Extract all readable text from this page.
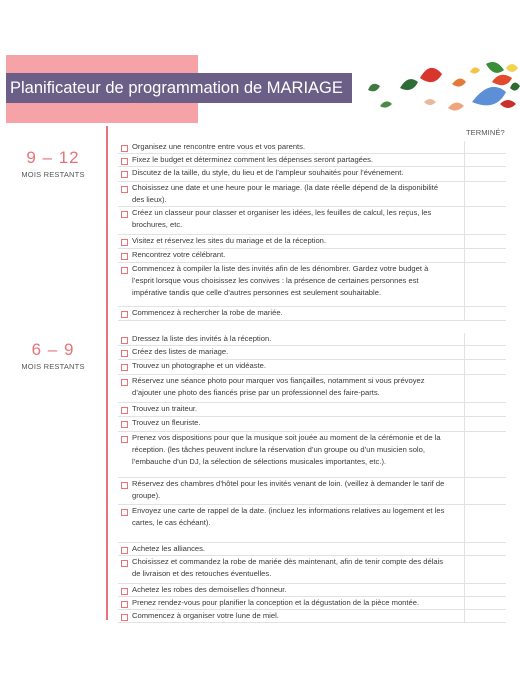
Planificateur de programmation de MARIAGE
TERMINÉ?
9 – 12
MOIS RESTANTS
Organisez une rencontre entre vous et vos parents.
Fixez le budget et déterminez comment les dépenses seront partagées.
Discutez de la taille, du style, du lieu et de l’ampleur souhaités pour l’événement.
Choisissez une date et une heure pour le mariage. (la date réelle dépend de la disponibilité des lieux).
Créez un classeur pour classer et organiser les idées, les feuilles de calcul, les reçus, les brochures, etc.
Visitez et réservez les sites du mariage et de la réception.
Rencontrez votre célébrant.
Commencez à compiler la liste des invités afin de les dénombrer. Gardez votre budget à l’esprit lorsque vous choisissez les convives : la présence de certaines personnes est impérative tandis que celle d’autres personnes est seulement souhaitable.
Commencez à rechercher la robe de mariée.
6 – 9
MOIS RESTANTS
Dressez la liste des invités à la réception.
Créez des listes de mariage.
Trouvez un photographe et un vidéaste.
Réservez une séance photo pour marquer vos fiançailles, notamment si vous prévoyez d’ajouter une photo des fiancés prise par un professionnel des faire-parts.
Trouvez un traiteur.
Trouvez un fleuriste.
Prenez vos dispositions pour que la musique soit jouée au moment de la cérémonie et de la réception. (les tâches peuvent inclure la réservation d’un groupe ou d’un musicien solo, l’embauche d’un DJ, la sélection de sélections musicales importantes, etc.).
Réservez des chambres d’hôtel pour les invités venant de loin. (veillez à demander le tarif de groupe).
Envoyez une carte de rappel de la date. (incluez les informations relatives au logement et les cartes, le cas échéant).
Achetez les alliances.
Choisissez et commandez la robe de mariée dès maintenant, afin de tenir compte des délais de livraison et des retouches éventuelles.
Achetez les robes des demoiselles d’honneur.
Prenez rendez-vous pour planifier la conception et la dégustation de la pièce montée.
Commencez à organiser votre lune de miel.
